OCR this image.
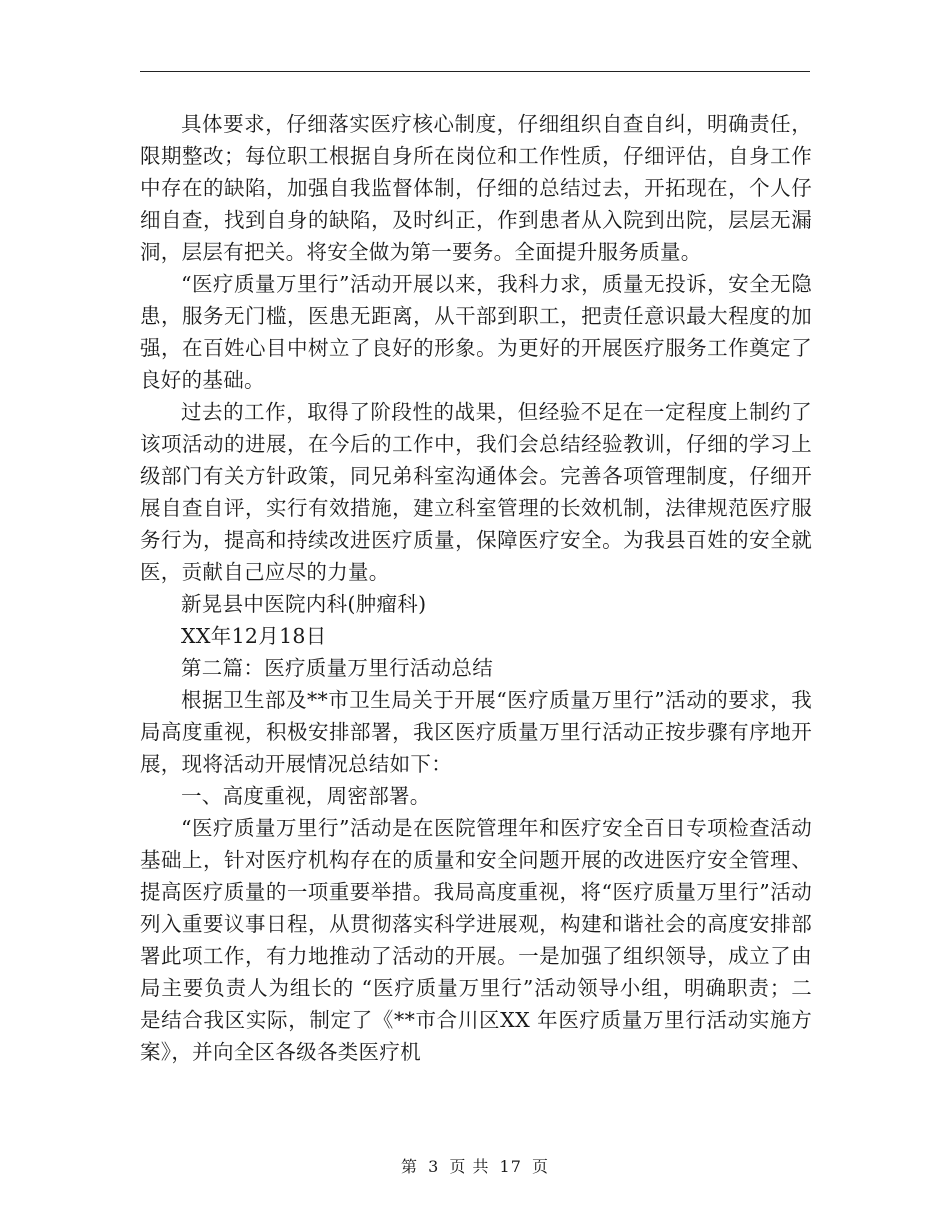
具体要求，仔细落实医疗核心制度，仔细组织自查自纠，明确责任，限期整改；每位职工根据自身所在岗位和工作性质，仔细评估，自身工作中存在的缺陷，加强自我监督体制，仔细的总结过去，开拓现在，个人仔细自查，找到自身的缺陷，及时纠正，作到患者从入院到出院，层层无漏洞，层层有把关。将安全做为第一要务。全面提升服务质量。

“医疗质量万里行”活动开展以来，我科力求，质量无投诉，安全无隐患，服务无门槛，医患无距离，从干部到职工，把责任意识最大程度的加强，在百姓心目中树立了良好的形象。为更好的开展医疗服务工作奠定了良好的基础。

过去的工作，取得了阶段性的战果，但经验不足在一定程度上制约了该项活动的进展，在今后的工作中，我们会总结经验教训，仔细的学习上级部门有关方针政策，同兄弟科室沟通体会。完善各项管理制度，仔细开展自查自评，实行有效措施，建立科室管理的长效机制，法律规范医疗服务行为，提高和持续改进医疗质量，保障医疗安全。为我县百姓的安全就医，贡献自己应尽的力量。

新晃县中医院内科(肿瘤科)

XX年12月18日

第二篇：医疗质量万里行活动总结

根据卫生部及**市卫生局关于开展“医疗质量万里行”活动的要求，我局高度重视，积极安排部署，我区医疗质量万里行活动正按步骤有序地开展，现将活动开展情况总结如下：

一、高度重视，周密部署。

“医疗质量万里行”活动是在医院管理年和医疗安全百日专项检查活动基础上，针对医疗机构存在的质量和安全问题开展的改进医疗安全管理、提高医疗质量的一项重要举措。我局高度重视，将“医疗质量万里行”活动列入重要议事日程，从贯彻落实科学进展观，构建和谐社会的高度安排部署此项工作，有力地推动了活动的开展。一是加强了组织领导，成立了由局主要负责人为组长的 “医疗质量万里行”活动领导小组，明确职责；二是结合我区实际，制定了《**市合川区XX 年医疗质量万里行活动实施方案》，并向全区各级各类医疗机

第 3 页 共 17 页
